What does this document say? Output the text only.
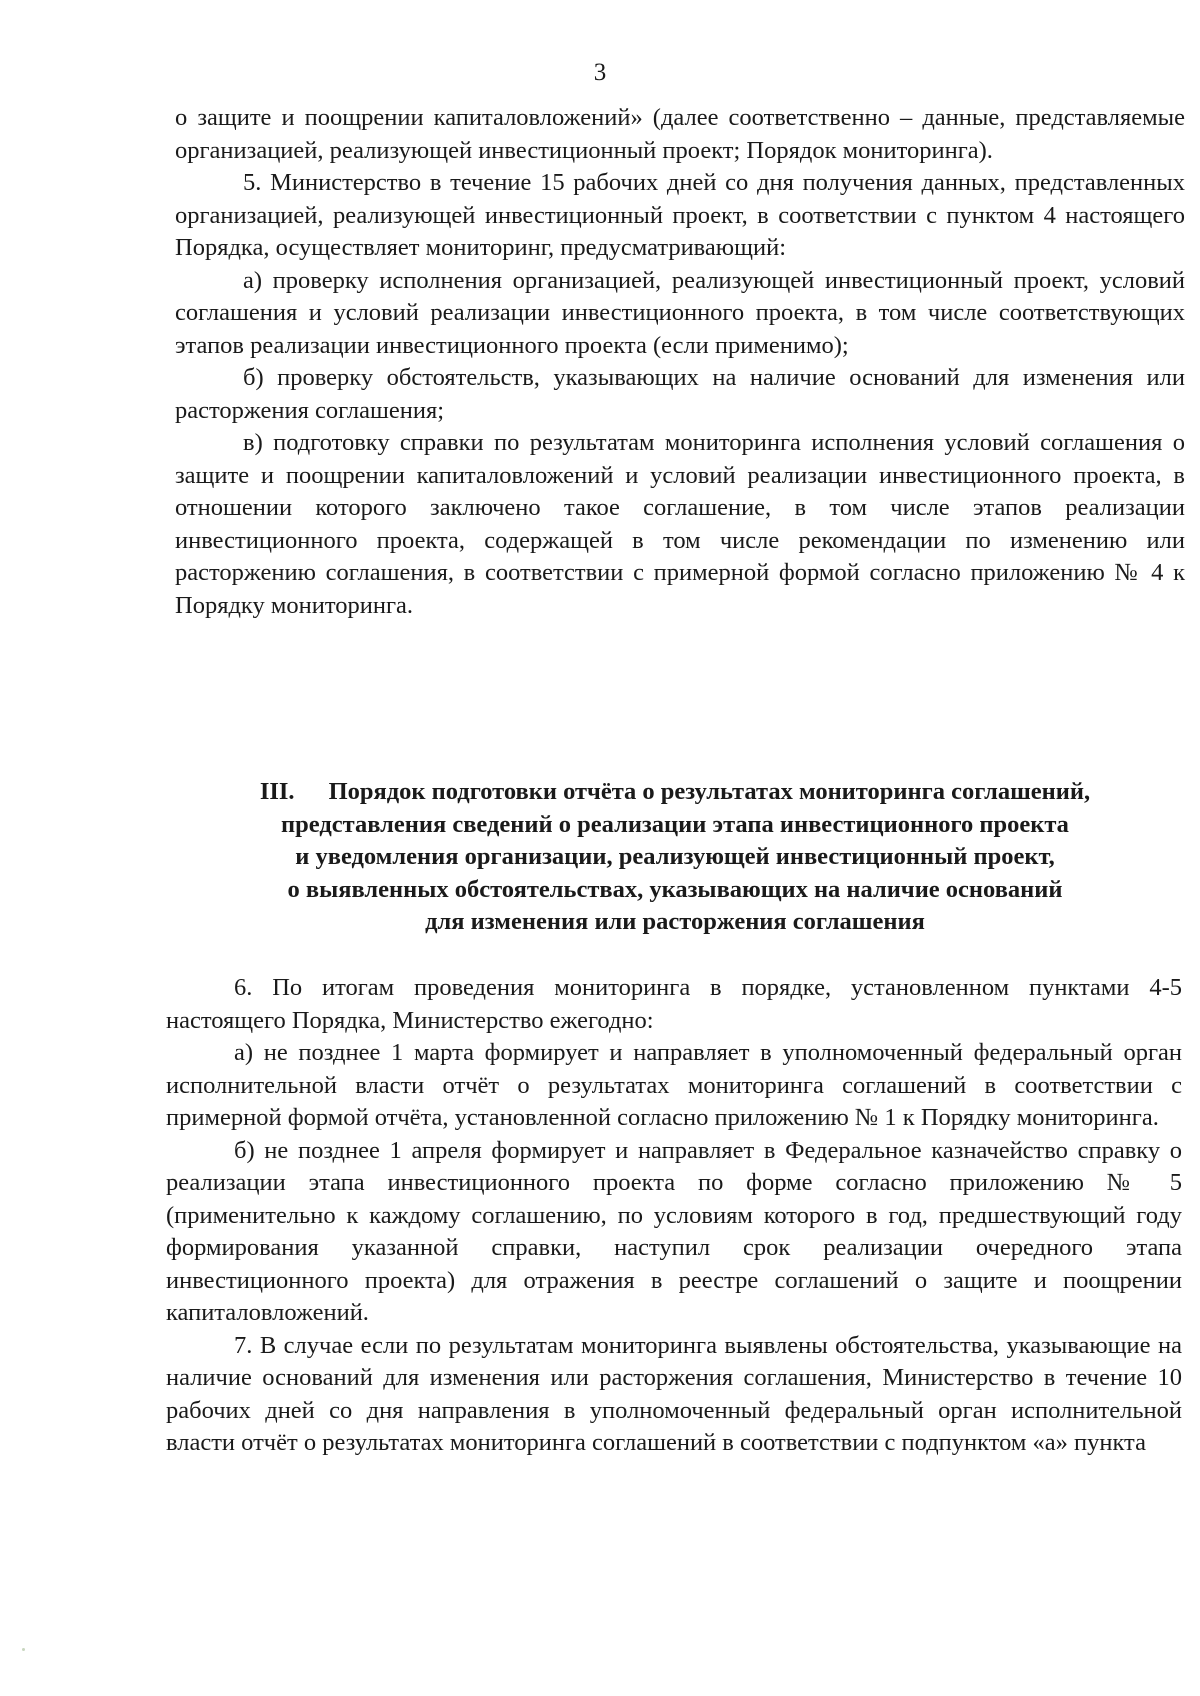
3

о защите и поощрении капиталовложений» (далее соответственно – данные, представляемые организацией, реализующей инвестиционный проект; Порядок мониторинга).

5. Министерство в течение 15 рабочих дней со дня получения данных, представленных организацией, реализующей инвестиционный проект, в соответствии с пунктом 4 настоящего Порядка, осуществляет мониторинг, предусматривающий:

а) проверку исполнения организацией, реализующей инвестиционный проект, условий соглашения и условий реализации инвестиционного проекта, в том числе соответствующих этапов реализации инвестиционного проекта (если применимо);

б) проверку обстоятельств, указывающих на наличие оснований для изменения или расторжения соглашения;

в) подготовку справки по результатам мониторинга исполнения условий соглашения о защите и поощрении капиталовложений и условий реализации инвестиционного проекта, в отношении которого заключено такое соглашение, в том числе этапов реализации инвестиционного проекта, содержащей в том числе рекомендации по изменению или расторжению соглашения, в соответствии с примерной формой согласно приложению № 4 к Порядку мониторинга.

III. Порядок подготовки отчёта о результатах мониторинга соглашений,
представления сведений о реализации этапа инвестиционного проекта
и уведомления организации, реализующей инвестиционный проект,
о выявленных обстоятельствах, указывающих на наличие оснований
для изменения или расторжения соглашения

6. По итогам проведения мониторинга в порядке, установленном пунктами 4-5 настоящего Порядка, Министерство ежегодно:

а) не позднее 1 марта формирует и направляет в уполномоченный федеральный орган исполнительной власти отчёт о результатах мониторинга соглашений в соответствии с примерной формой отчёта, установленной согласно приложению № 1 к Порядку мониторинга.

б) не позднее 1 апреля формирует и направляет в Федеральное казначейство справку о реализации этапа инвестиционного проекта по форме согласно приложению № 5 (применительно к каждому соглашению, по условиям которого в год, предшествующий году формирования указанной справки, наступил срок реализации очередного этапа инвестиционного проекта) для отражения в реестре соглашений о защите и поощрении капиталовложений.

7. В случае если по результатам мониторинга выявлены обстоятельства, указывающие на наличие оснований для изменения или расторжения соглашения, Министерство в течение 10 рабочих дней со дня направления в уполномоченный федеральный орган исполнительной власти отчёт о результатах мониторинга соглашений в соответствии с подпунктом «а» пункта
